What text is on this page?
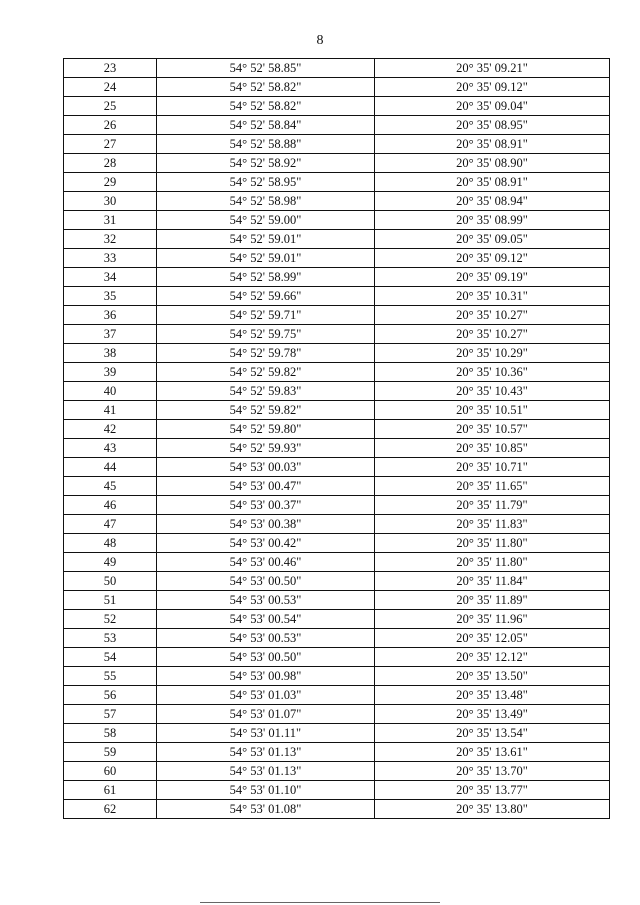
8
23	54° 52' 58.85"	20° 35' 09.21"
24	54° 52' 58.82"	20° 35' 09.12"
25	54° 52' 58.82"	20° 35' 09.04"
26	54° 52' 58.84"	20° 35' 08.95"
27	54° 52' 58.88"	20° 35' 08.91"
28	54° 52' 58.92"	20° 35' 08.90"
29	54° 52' 58.95"	20° 35' 08.91"
30	54° 52' 58.98"	20° 35' 08.94"
31	54° 52' 59.00"	20° 35' 08.99"
32	54° 52' 59.01"	20° 35' 09.05"
33	54° 52' 59.01"	20° 35' 09.12"
34	54° 52' 58.99"	20° 35' 09.19"
35	54° 52' 59.66"	20° 35' 10.31"
36	54° 52' 59.71"	20° 35' 10.27"
37	54° 52' 59.75"	20° 35' 10.27"
38	54° 52' 59.78"	20° 35' 10.29"
39	54° 52' 59.82"	20° 35' 10.36"
40	54° 52' 59.83"	20° 35' 10.43"
41	54° 52' 59.82"	20° 35' 10.51"
42	54° 52' 59.80"	20° 35' 10.57"
43	54° 52' 59.93"	20° 35' 10.85"
44	54° 53' 00.03"	20° 35' 10.71"
45	54° 53' 00.47"	20° 35' 11.65"
46	54° 53' 00.37"	20° 35' 11.79"
47	54° 53' 00.38"	20° 35' 11.83"
48	54° 53' 00.42"	20° 35' 11.80"
49	54° 53' 00.46"	20° 35' 11.80"
50	54° 53' 00.50"	20° 35' 11.84"
51	54° 53' 00.53"	20° 35' 11.89"
52	54° 53' 00.54"	20° 35' 11.96"
53	54° 53' 00.53"	20° 35' 12.05"
54	54° 53' 00.50"	20° 35' 12.12"
55	54° 53' 00.98"	20° 35' 13.50"
56	54° 53' 01.03"	20° 35' 13.48"
57	54° 53' 01.07"	20° 35' 13.49"
58	54° 53' 01.11"	20° 35' 13.54"
59	54° 53' 01.13"	20° 35' 13.61"
60	54° 53' 01.13"	20° 35' 13.70"
61	54° 53' 01.10"	20° 35' 13.77"
62	54° 53' 01.08"	20° 35' 13.80"
